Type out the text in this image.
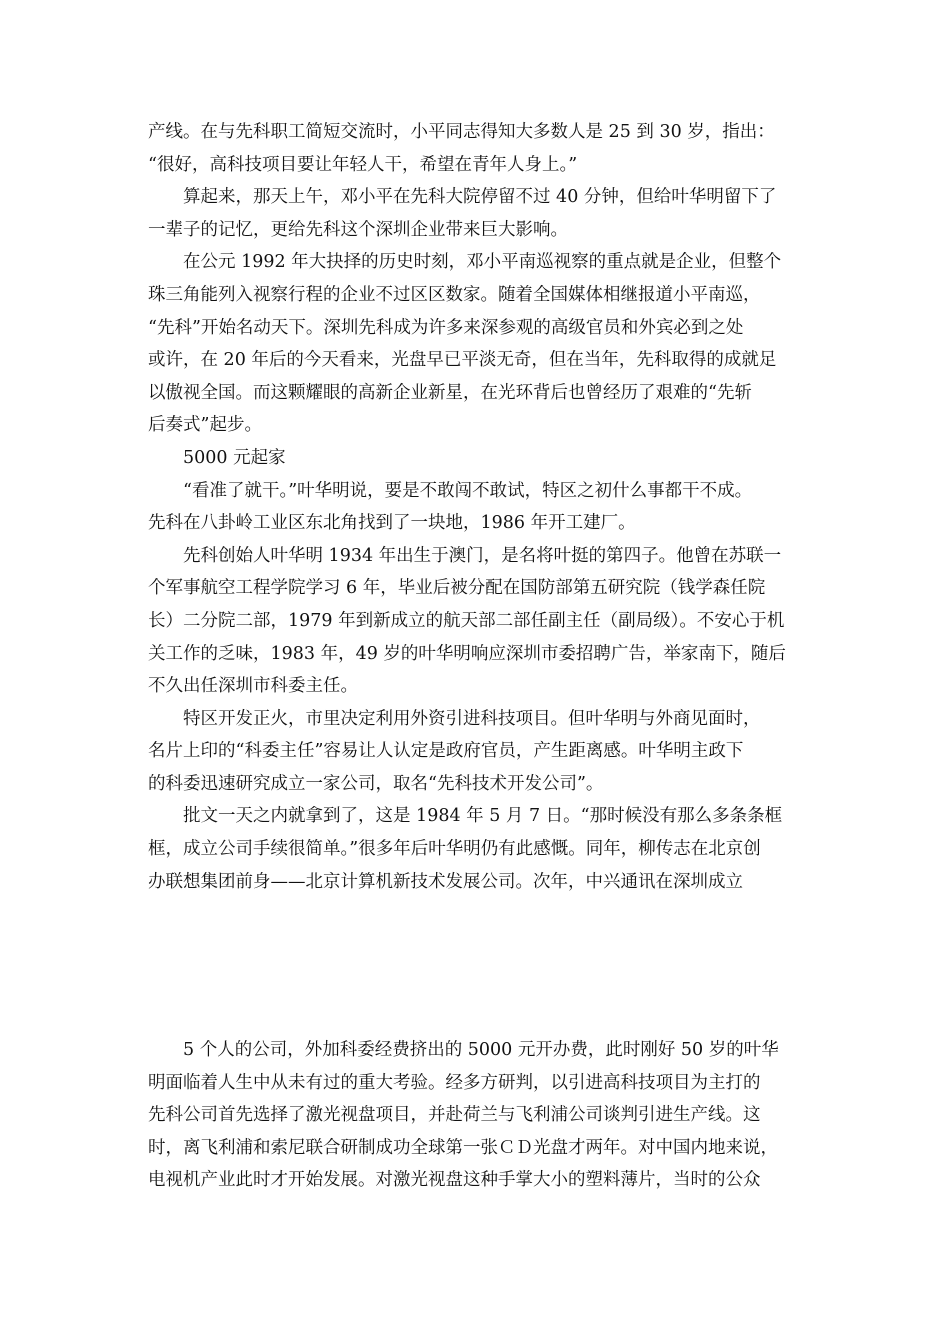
产线。在与先科职工简短交流时，小平同志得知大多数人是 25 到 30 岁，指出：
“很好，高科技项目要让年轻人干，希望在青年人身上。”
算起来，那天上午，邓小平在先科大院停留不过 40 分钟，但给叶华明留下了
一辈子的记忆，更给先科这个深圳企业带来巨大影响。
在公元 1992 年大抉择的历史时刻，邓小平南巡视察的重点就是企业，但整个
珠三角能列入视察行程的企业不过区区数家。随着全国媒体相继报道小平南巡，
“先科”开始名动天下。深圳先科成为许多来深参观的高级官员和外宾必到之处
或许，在 20 年后的今天看来，光盘早已平淡无奇，但在当年，先科取得的成就足
以傲视全国。而这颗耀眼的高新企业新星，在光环背后也曾经历了艰难的“先斩
后奏式”起步。
5000 元起家
“看准了就干。”叶华明说，要是不敢闯不敢试，特区之初什么事都干不成。
先科在八卦岭工业区东北角找到了一块地，1986 年开工建厂。
先科创始人叶华明 1934 年出生于澳门，是名将叶挺的第四子。他曾在苏联一
个军事航空工程学院学习 6 年，毕业后被分配在国防部第五研究院（钱学森任院
长）二分院二部，1979 年到新成立的航天部二部任副主任（副局级）。不安心于机
关工作的乏味，1983 年，49 岁的叶华明响应深圳市委招聘广告，举家南下，随后
不久出任深圳市科委主任。
特区开发正火，市里决定利用外资引进科技项目。但叶华明与外商见面时，
名片上印的“科委主任”容易让人认定是政府官员，产生距离感。叶华明主政下
的科委迅速研究成立一家公司，取名“先科技术开发公司”。
批文一天之内就拿到了，这是 1984 年 5 月 7 日。“那时候没有那么多条条框
框，成立公司手续很简单。”很多年后叶华明仍有此感慨。同年，柳传志在北京创
办联想集团前身——北京计算机新技术发展公司。次年，中兴通讯在深圳成立
5 个人的公司，外加科委经费挤出的 5000 元开办费，此时刚好 50 岁的叶华
明面临着人生中从未有过的重大考验。经多方研判，以引进高科技项目为主打的
先科公司首先选择了激光视盘项目，并赴荷兰与飞利浦公司谈判引进生产线。这
时，离飞利浦和索尼联合研制成功全球第一张ＣＤ光盘才两年。对中国内地来说，
电视机产业此时才开始发展。对激光视盘这种手掌大小的塑料薄片，当时的公众
